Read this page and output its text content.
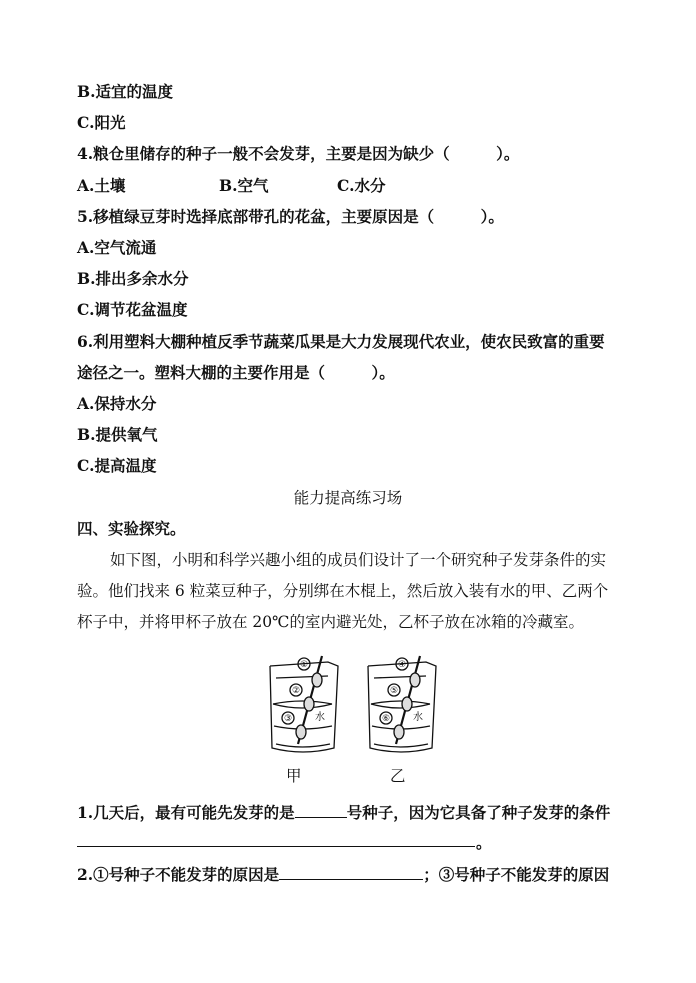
B.适宜的温度
C.阳光
4.粮仓里储存的种子一般不会发芽，主要是因为缺少（　　　）。
A.土壤	B.空气	C.水分
5.移植绿豆芽时选择底部带孔的花盆，主要原因是（　　　）。
A.空气流通
B.排出多余水分
C.调节花盆温度
6.利用塑料大棚种植反季节蔬菜瓜果是大力发展现代农业，使农民致富的重要
途径之一。塑料大棚的主要作用是（　　　）。
A.保持水分
B.提供氧气
C.提高温度
能力提高练习场
四、实验探究。
如下图，小明和科学兴趣小组的成员们设计了一个研究种子发芽条件的实
验。他们找来 6 粒菜豆种子，分别绑在木棍上，然后放入装有水的甲、乙两个
杯子中，并将甲杯子放在 20℃的室内避光处，乙杯子放在冰箱的冷藏室。
①
②
③ 水
④
⑤
⑥ 水
甲	乙
1.几天后，最有可能先发芽的是	号种子，因为它具备了种子发芽的条件
。
2.①号种子不能发芽的原因是	；③号种子不能发芽的原因
